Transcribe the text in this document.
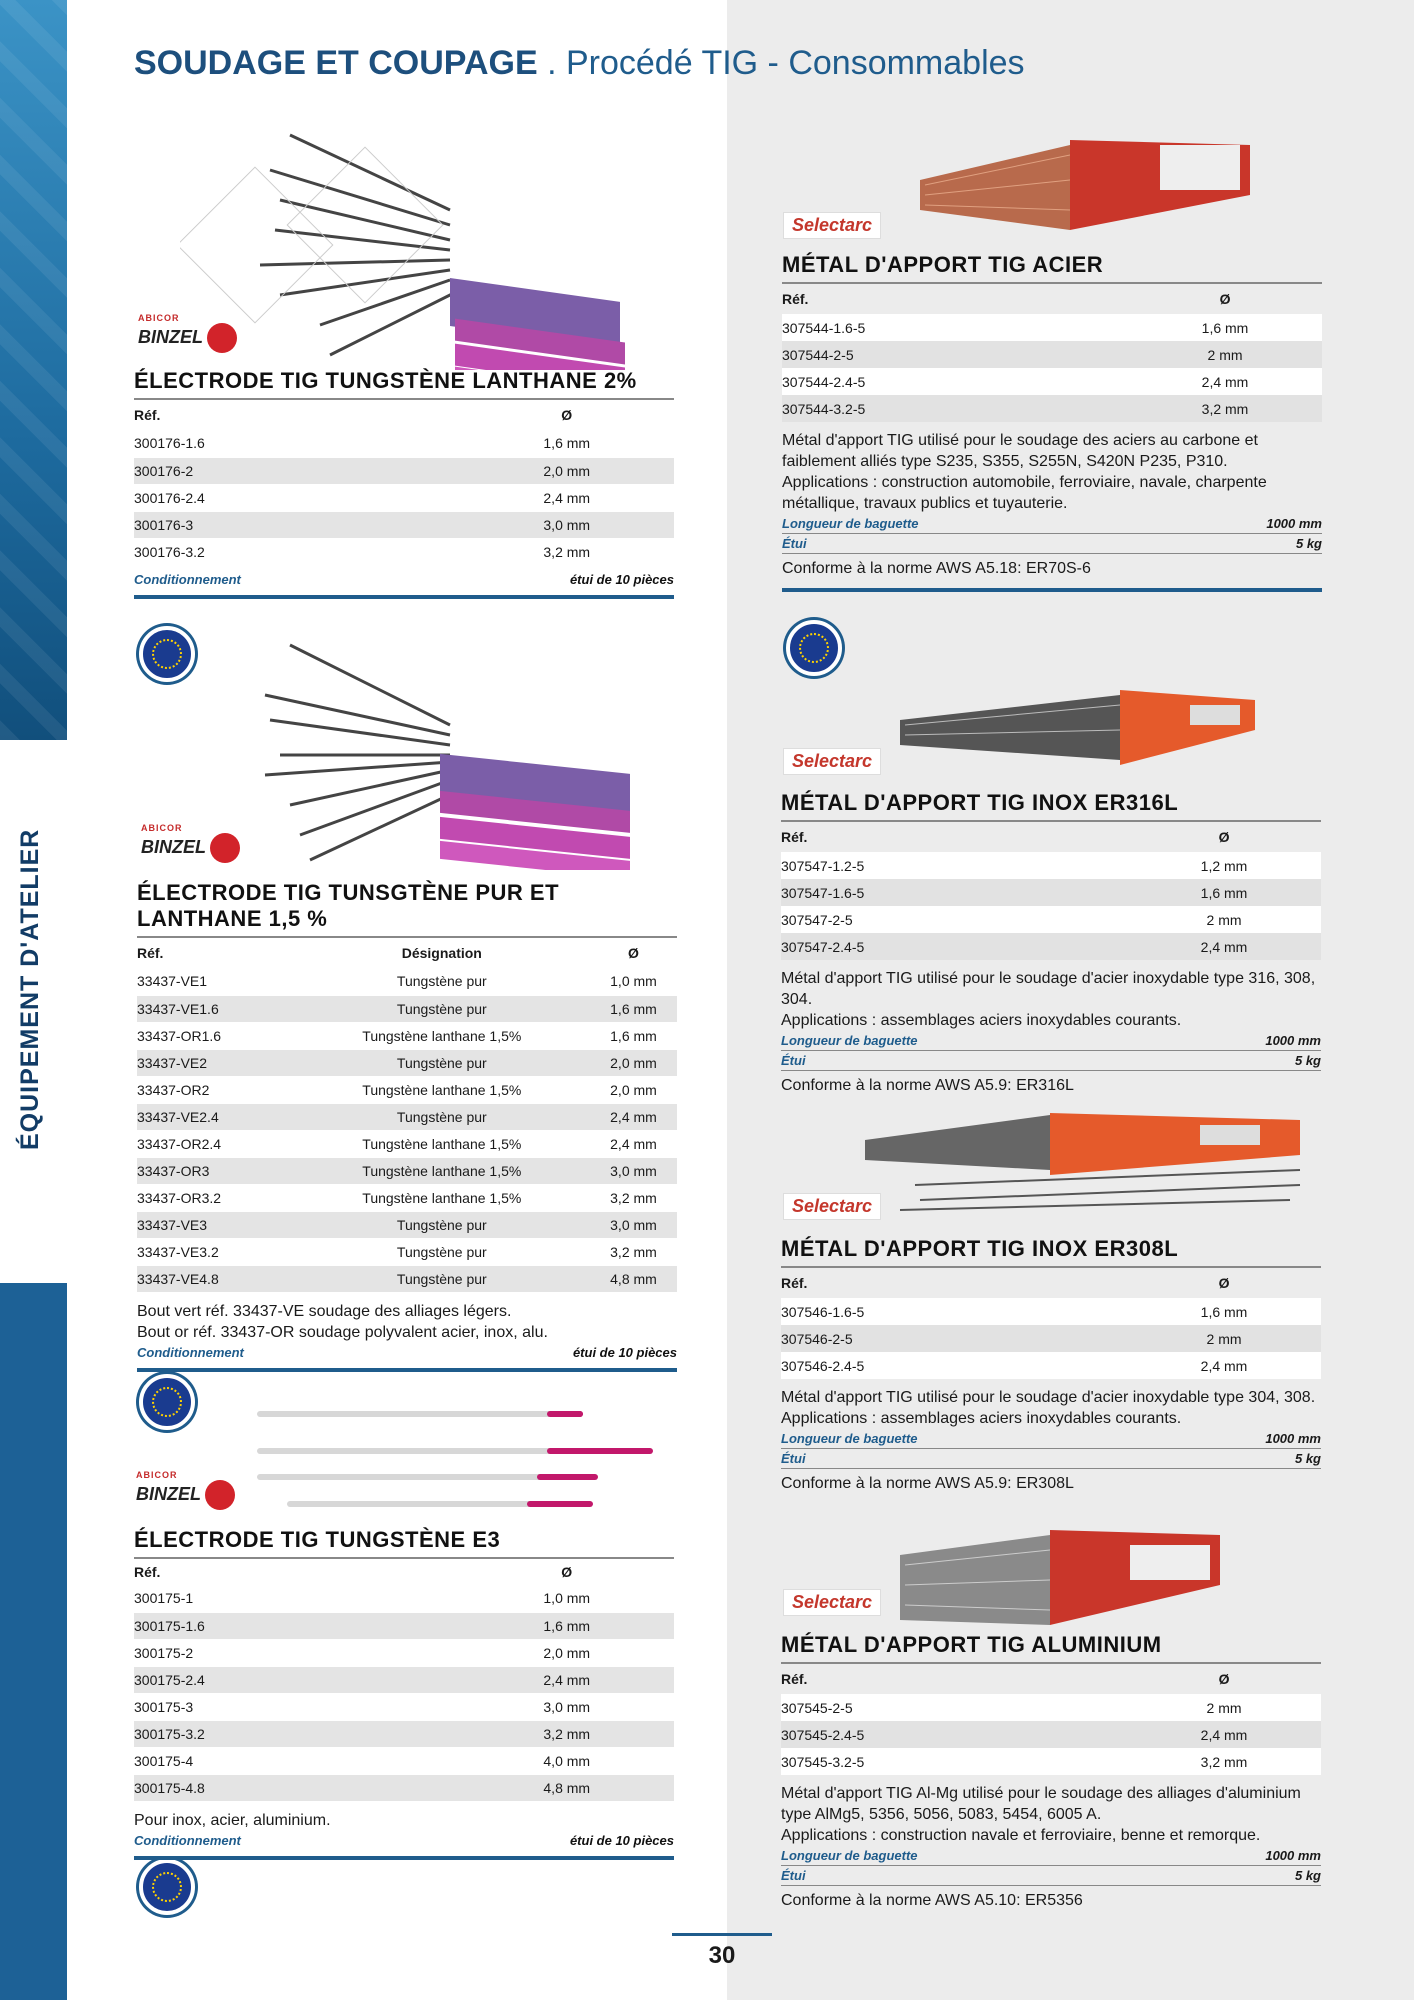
ÉQUIPEMENT D'ATELIER
SOUDAGE ET COUPAGE . Procédé TIG - Consommables
ABICOR
BINZEL
ABICOR
BINZEL
ABICOR
BINZEL
Selectarc
Selectarc
Selectarc
Selectarc
ÉLECTRODE TIG TUNGSTÈNE LANTHANE 2%
Réf.	Ø
300176-1.6	1,6 mm
300176-2	2,0 mm
300176-2.4	2,4 mm
300176-3	3,0 mm
300176-3.2	3,2 mm
Conditionnement	étui de 10 pièces
ÉLECTRODE TIG TUNSGTÈNE PUR ET LANTHANE 1,5 %
Réf.	Désignation	Ø
33437-VE1	Tungstène pur	1,0 mm
33437-VE1.6	Tungstène pur	1,6 mm
33437-OR1.6	Tungstène lanthane 1,5%	1,6 mm
33437-VE2	Tungstène pur	2,0 mm
33437-OR2	Tungstène lanthane 1,5%	2,0 mm
33437-VE2.4	Tungstène pur	2,4 mm
33437-OR2.4	Tungstène lanthane 1,5%	2,4 mm
33437-OR3	Tungstène lanthane 1,5%	3,0 mm
33437-OR3.2	Tungstène lanthane 1,5%	3,2 mm
33437-VE3	Tungstène pur	3,0 mm
33437-VE3.2	Tungstène pur	3,2 mm
33437-VE4.8	Tungstène pur	4,8 mm
Bout vert réf. 33437-VE soudage des alliages légers.
Bout or réf. 33437-OR soudage polyvalent acier, inox, alu.
Conditionnement	étui de 10 pièces
ÉLECTRODE TIG TUNGSTÈNE E3
Réf.	Ø
300175-1	1,0 mm
300175-1.6	1,6 mm
300175-2	2,0 mm
300175-2.4	2,4 mm
300175-3	3,0 mm
300175-3.2	3,2 mm
300175-4	4,0 mm
300175-4.8	4,8 mm
Pour inox, acier, aluminium.
Conditionnement	étui de 10 pièces
MÉTAL D'APPORT TIG ACIER
Réf.	Ø
307544-1.6-5	1,6 mm
307544-2-5	2 mm
307544-2.4-5	2,4 mm
307544-3.2-5	3,2 mm
Métal d'apport TIG utilisé pour le soudage des aciers au carbone et faiblement alliés type S235, S355, S255N, S420N P235, P310.
Applications : construction automobile, ferroviaire, navale, charpente métallique, travaux publics et tuyauterie.
Longueur de baguette	1000 mm
Étui	5 kg
Conforme à la norme AWS A5.18: ER70S-6
MÉTAL D'APPORT TIG INOX ER316L
Réf.	Ø
307547-1.2-5	1,2 mm
307547-1.6-5	1,6 mm
307547-2-5	2 mm
307547-2.4-5	2,4 mm
Métal d'apport TIG utilisé pour le soudage d'acier inoxydable type 316, 308, 304.
Applications : assemblages aciers inoxydables courants.
Longueur de baguette	1000 mm
Étui	5 kg
Conforme à la norme AWS A5.9: ER316L
MÉTAL D'APPORT TIG INOX ER308L
Réf.	Ø
307546-1.6-5	1,6 mm
307546-2-5	2 mm
307546-2.4-5	2,4 mm
Métal d'apport TIG utilisé pour le soudage d'acier inoxydable type 304, 308.
Applications : assemblages aciers inoxydables courants.
Longueur de baguette	1000 mm
Étui	5 kg
Conforme à la norme AWS A5.9: ER308L
MÉTAL D'APPORT TIG ALUMINIUM
Réf.	Ø
307545-2-5	2 mm
307545-2.4-5	2,4 mm
307545-3.2-5	3,2 mm
Métal d'apport TIG Al-Mg utilisé pour le soudage des alliages d'aluminium type AlMg5, 5356, 5056, 5083, 5454, 6005 A.
Applications : construction navale et ferroviaire, benne et remorque.
Longueur de baguette	1000 mm
Étui	5 kg
Conforme à la norme AWS A5.10: ER5356
30
